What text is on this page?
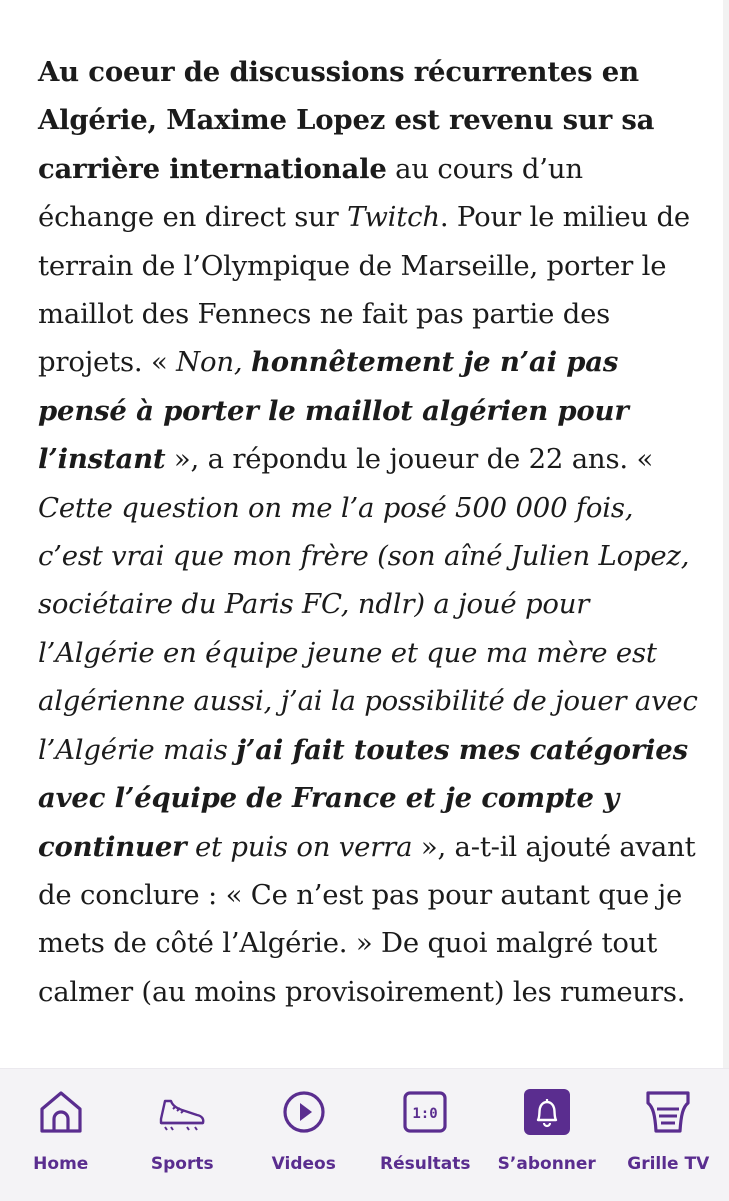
Au coeur de discussions récurrentes en Algérie, Maxime Lopez est revenu sur sa carrière internationale au cours d’un échange en direct sur Twitch. Pour le milieu de terrain de l’Olympique de Marseille, porter le maillot des Fennecs ne fait pas partie des projets. « Non, honnêtement je n’ai pas pensé à porter le maillot algérien pour l’instant », a répondu le joueur de 22 ans. « Cette question on me l’a posé 500 000 fois, c’est vrai que mon frère (son aîné Julien Lopez, sociétaire du Paris FC, ndlr) a joué pour l’Algérie en équipe jeune et que ma mère est algérienne aussi, j’ai la possibilité de jouer avec l’Algérie mais j’ai fait toutes mes catégories avec l’équipe de France et je compte y continuer et puis on verra », a-t-il ajouté avant de conclure : « Ce n’est pas pour autant que je mets de côté l’Algérie. » De quoi malgré tout calmer (au moins provisoirement) les rumeurs.

Home	Sports	Videos
1:0
Résultats S’abonner Grille TV
